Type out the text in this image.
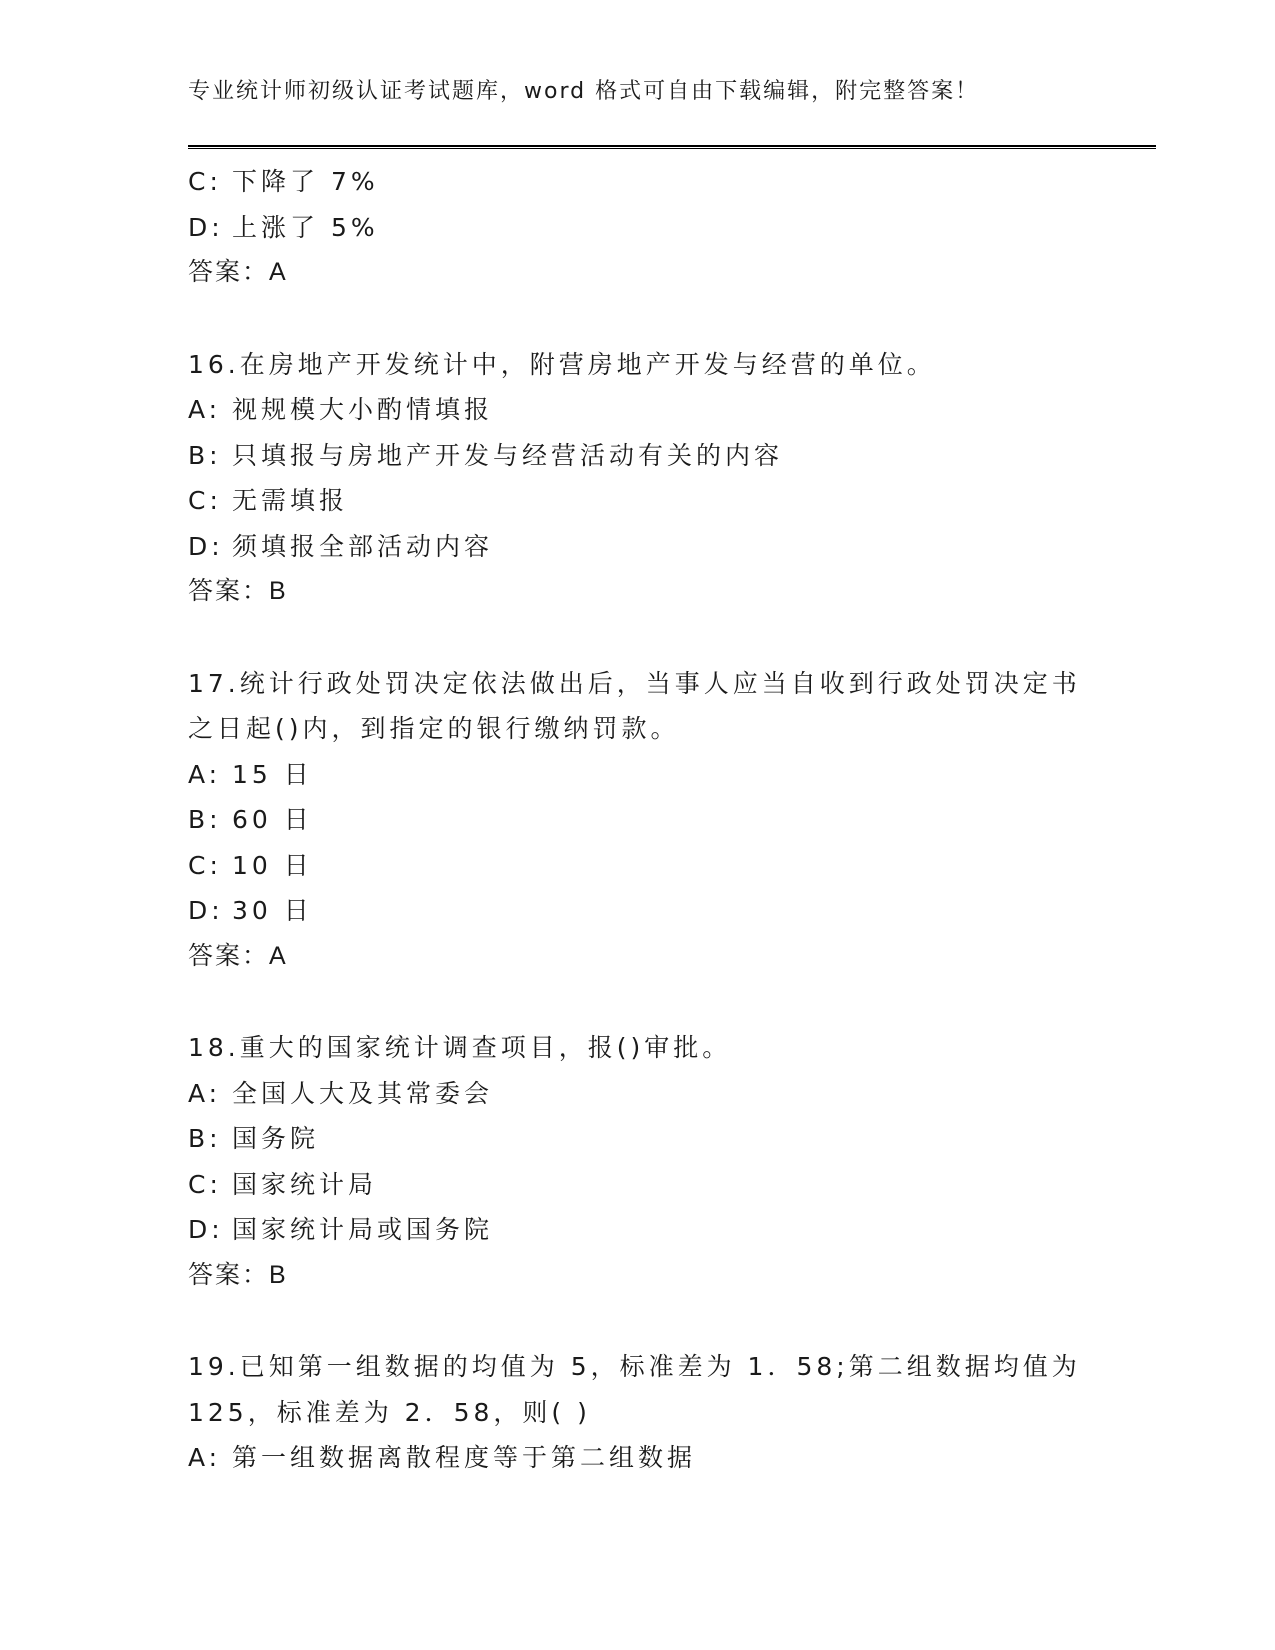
专业统计师初级认证考试题库，word 格式可自由下载编辑，附完整答案！
C: 下降了 7%
D: 上涨了 5%
答案：A
16.在房地产开发统计中，附营房地产开发与经营的单位。
A: 视规模大小酌情填报
B: 只填报与房地产开发与经营活动有关的内容
C: 无需填报
D: 须填报全部活动内容
答案：B
17.统计行政处罚决定依法做出后，当事人应当自收到行政处罚决定书
之日起()内，到指定的银行缴纳罚款。
A: 15 日
B: 60 日
C: 10 日
D: 30 日
答案：A
18.重大的国家统计调查项目，报()审批。
A: 全国人大及其常委会
B: 国务院
C: 国家统计局
D: 国家统计局或国务院
答案：B
19.已知第一组数据的均值为 5，标准差为 1．58;第二组数据均值为
125，标准差为 2．58，则( )
A: 第一组数据离散程度等于第二组数据
